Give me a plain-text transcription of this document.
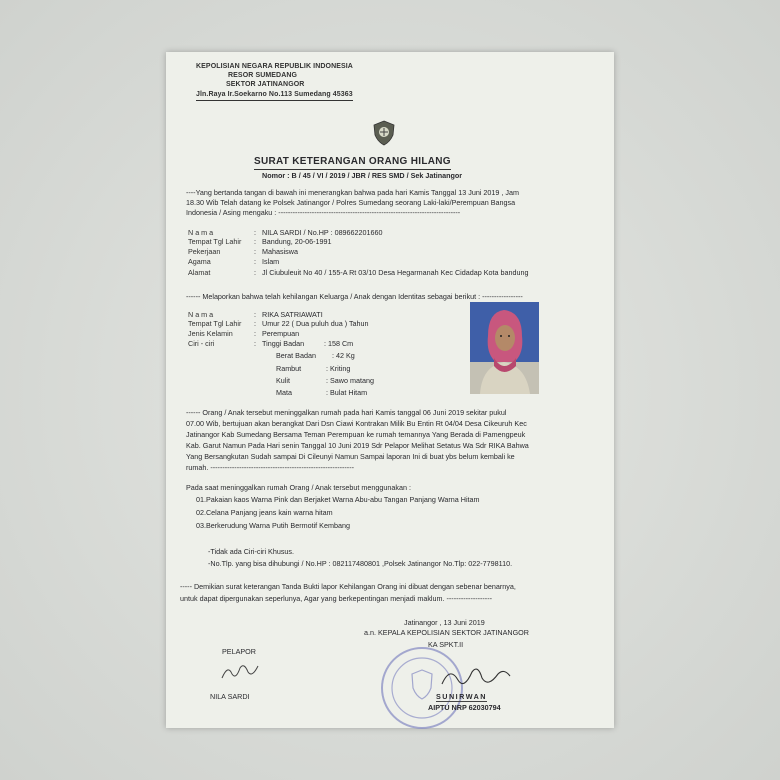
KEPOLISIAN NEGARA REPUBLIK INDONESIA
RESOR SUMEDANG
SEKTOR JATINANGOR
Jln.Raya Ir.Soekarno No.113 Sumedang 45363
SURAT KETERANGAN ORANG HILANG
Nomor : B / 45 / VI / 2019 / JBR / RES SMD / Sek Jatinangor
----Yang bertanda tangan di bawah ini menerangkan bahwa pada hari Kamis Tanggal 13 Juni 2019 , Jam
18.30 Wib Telah datang ke Polsek Jatinangor / Polres Sumedang seorang Laki-laki/Perempuan Bangsa
Indonesia / Asing mengaku : ----------------------------------------------------------------------------
N a m a	: NILA SARDI / No.HP : 089662201660
Tempat Tgl Lahir : Bandung, 20-06-1991
Pekerjaan	: Mahasiswa
Agama	: Islam
Alamat	: Jl Ciubuleuit No 40 / 155-A Rt 03/10 Desa Hegarmanah Kec Cidadap Kota bandung
------ Melaporkan bahwa telah kehilangan Keluarga / Anak dengan Identitas sebagai berikut : -----------------
N a m a	: RIKA SATRIAWATI
Tempat Tgl Lahir : Umur 22 ( Dua puluh dua ) Tahun
Jenis Kelamin	: Perempuan
Ciri - ciri	: Tinggi Badan	: 158 Cm
Berat Badan : 42 Kg
Rambut	: Kriting
Kulit	: Sawo matang
Mata	: Bulat Hitam
------ Orang / Anak tersebut meninggalkan rumah pada hari Kamis tanggal 06 Juni 2019 sekitar pukul
07.00 Wib, bertujuan akan berangkat Dari Dsn Ciawi Kontrakan Milik Bu Entin Rt 04/04 Desa Cikeuruh Kec
Jatinangor Kab Sumedang Bersama Teman Perempuan ke rumah temannya Yang Berada di Pamengpeuk
Kab. Garut Namun Pada Hari senin Tanggal 10 Juni 2019 Sdr Pelapor Melihat Setatus Wa Sdr RIKA Bahwa
Yang Bersangkutan Sudah sampai Di Cileunyi Namun Sampai laporan Ini di buat ybs belum kembali ke
rumah. ------------------------------------------------------------
Pada saat meninggalkan rumah Orang / Anak tersebut menggunakan :
01.Pakaian kaos Warna Pink dan Berjaket Warna Abu-abu Tangan Panjang Warna Hitam
02.Celana Panjang jeans kain warna hitam
03.Berkerudung Warna Putih Bermotif Kembang
-Tidak ada Ciri-ciri Khusus.
-No.Tlp. yang bisa dihubungi / No.HP : 082117480801 ,Polsek Jatinangor No.Tlp: 022-7798110.
----- Demikian surat keterangan Tanda Bukti lapor Kehilangan Orang ini dibuat dengan sebenar benarnya,
untuk dapat dipergunakan seperlunya, Agar yang berkepentingan menjadi maklum. -------------------
Jatinangor , 13 Juni 2019
a.n. KEPALA KEPOLISIAN SEKTOR JATINANGOR
KA SPKT.II
PELAPOR
NILA SARDI	SUNIRWAN
AIPTU NRP 62030794
